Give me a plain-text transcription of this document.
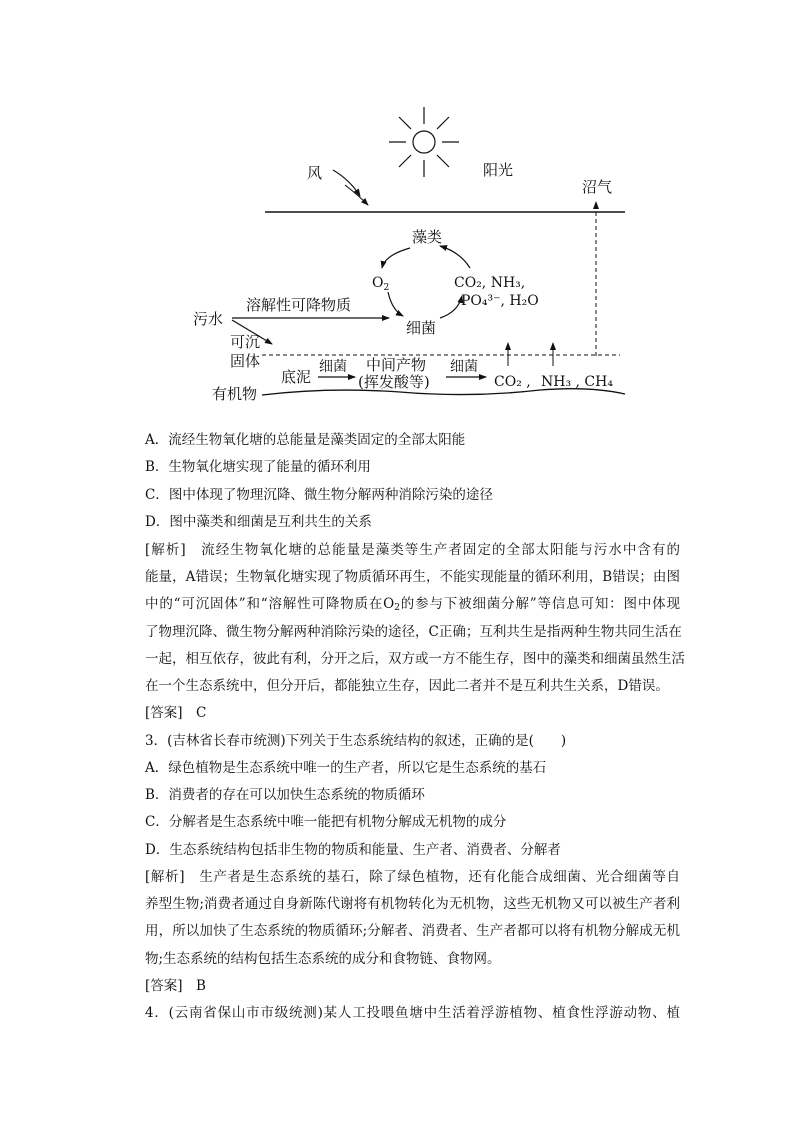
风	阳光
沼气
藻类
$O_2$	CO₂, NH₃,
PO₄³⁻, H₂O
细菌
污水
溶解性可降物质
可沉
固体
底泥
细菌 中间产物
(挥发酸等)
细菌
CO₂ , NH₃ , CH₄
有机物
A．流经生物氧化塘的总能量是藻类固定的全部太阳能
B．生物氧化塘实现了能量的循环利用
C．图中体现了物理沉降、微生物分解两种消除污染的途径
D．图中藻类和细菌是互利共生的关系
[解析]　流经生物氧化塘的总能量是藻类等生产者固定的全部太阳能与污水中含有的
能量，A错误；生物氧化塘实现了物质循环再生，不能实现能量的循环利用，B错误；由图
中的“可沉固体”和“溶解性可降物质在$O_2$的参与下被细菌分解”等信息可知：图中体现
了物理沉降、微生物分解两种消除污染的途径，C正确；互利共生是指两种生物共同生活在
一起，相互依存，彼此有利，分开之后，双方或一方不能生存，图中的藻类和细菌虽然生活
在一个生态系统中，但分开后，都能独立生存，因此二者并不是互利共生关系，D错误。
[答案]　C
3．(吉林省长春市统测)下列关于生态系统结构的叙述，正确的是(　　)
A．绿色植物是生态系统中唯一的生产者，所以它是生态系统的基石
B．消费者的存在可以加快生态系统的物质循环
C．分解者是生态系统中唯一能把有机物分解成无机物的成分
D．生态系统结构包括非生物的物质和能量、生产者、消费者、分解者
[解析]　生产者是生态系统的基石，除了绿色植物，还有化能合成细菌、光合细菌等自
养型生物;消费者通过自身新陈代谢将有机物转化为无机物，这些无机物又可以被生产者利
用，所以加快了生态系统的物质循环;分解者、消费者、生产者都可以将有机物分解成无机
物;生态系统的结构包括生态系统的成分和食物链、食物网。
[答案]　B
4．(云南省保山市市级统测)某人工投喂鱼塘中生活着浮游植物、植食性浮游动物、植
